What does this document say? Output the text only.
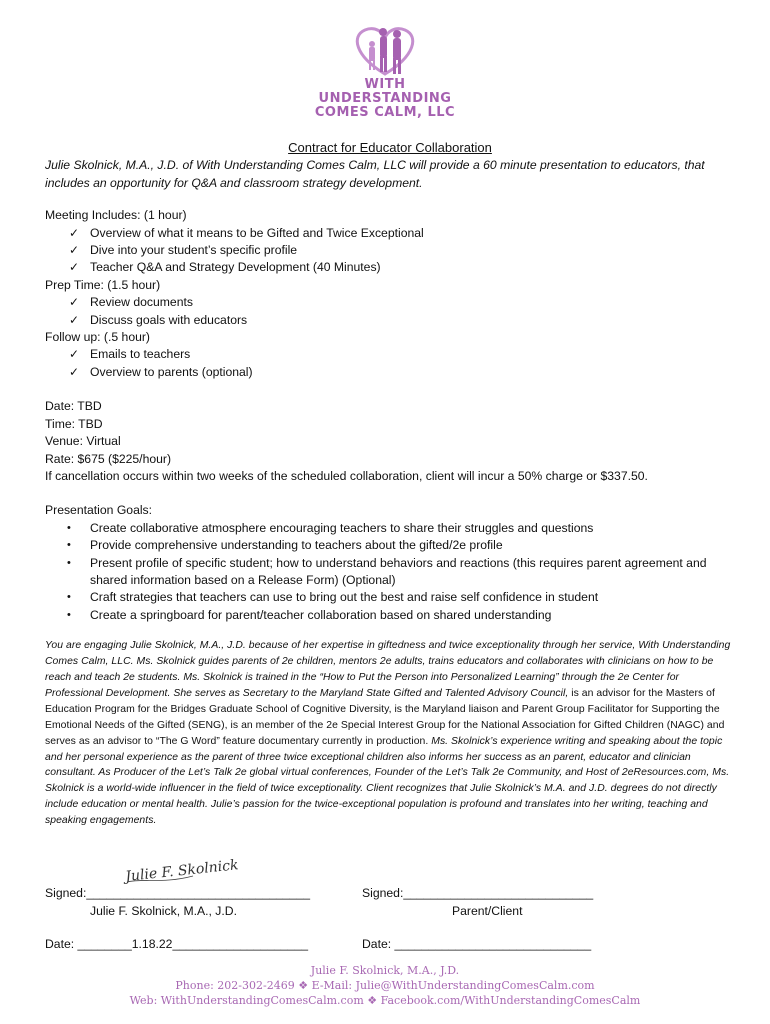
WITH UNDERSTANDING
COMES CALM, LLC
Contract for Educator Collaboration
Julie Skolnick, M.A., J.D. of With Understanding Comes Calm, LLC will provide a 60 minute presentation to educators, that includes an opportunity for Q&A and classroom strategy development.
Meeting Includes: (1 hour)
✓ Overview of what it means to be Gifted and Twice Exceptional
✓ Dive into your student’s specific profile
✓ Teacher Q&A and Strategy Development (40 Minutes)
Prep Time: (1.5 hour)
✓ Review documents
✓ Discuss goals with educators
Follow up: (.5 hour)
✓ Emails to teachers
✓ Overview to parents (optional)
Date: TBD
Time: TBD
Venue: Virtual
Rate: $675 ($225/hour)
If cancellation occurs within two weeks of the scheduled collaboration, client will incur a 50% charge or $337.50.
Presentation Goals:
• Create collaborative atmosphere encouraging teachers to share their struggles and questions
• Provide comprehensive understanding to teachers about the gifted/2e profile
• Present profile of specific student; how to understand behaviors and reactions (this requires parent agreement and shared information based on a Release Form) (Optional)
• Craft strategies that teachers can use to bring out the best and raise self confidence in student
• Create a springboard for parent/teacher collaboration based on shared understanding
You are engaging Julie Skolnick, M.A., J.D. because of her expertise in giftedness and twice exceptionality through her service, With Understanding Comes Calm, LLC. Ms. Skolnick guides parents of 2e children, mentors 2e adults, trains educators and collaborates with clinicians on how to be reach and teach 2e students. Ms. Skolnick is trained in the “How to Put the Person into Personalized Learning” through the 2e Center for Professional Development. She serves as Secretary to the Maryland State Gifted and Talented Advisory Council, is an advisor for the Masters of Education Program for the Bridges Graduate School of Cognitive Diversity, is the Maryland liaison and Parent Group Facilitator for Supporting the Emotional Needs of the Gifted (SENG), is an member of the 2e Special Interest Group for the National Association for Gifted Children (NAGC) and serves as an advisor to “The G Word” feature documentary currently in production. Ms. Skolnick’s experience writing and speaking about the topic and her personal experience as the parent of three twice exceptional children also informs her success as an parent, educator and clinician consultant. As Producer of the Let’s Talk 2e global virtual conferences, Founder of the Let’s Talk 2e Community, and Host of 2eResources.com, Ms. Skolnick is a world-wide influencer in the field of twice exceptionality. Client recognizes that Julie Skolnick’s M.A. and J.D. degrees do not directly include education or mental health. Julie’s passion for the twice-exceptional population is profound and translates into her writing, teaching and speaking engagements.
Julie F. Skolnick
Signed:_________________________________
Julie F. Skolnick, M.A., J.D.
Date: ________1.18.22____________________
Signed:____________________________
Parent/Client
Date: _____________________________
Julie F. Skolnick, M.A., J.D.
Phone: 202-302-2469 ❖ E-Mail: Julie@WithUnderstandingComesCalm.com
Web: WithUnderstandingComesCalm.com ❖ Facebook.com/WithUnderstandingComesCalm
